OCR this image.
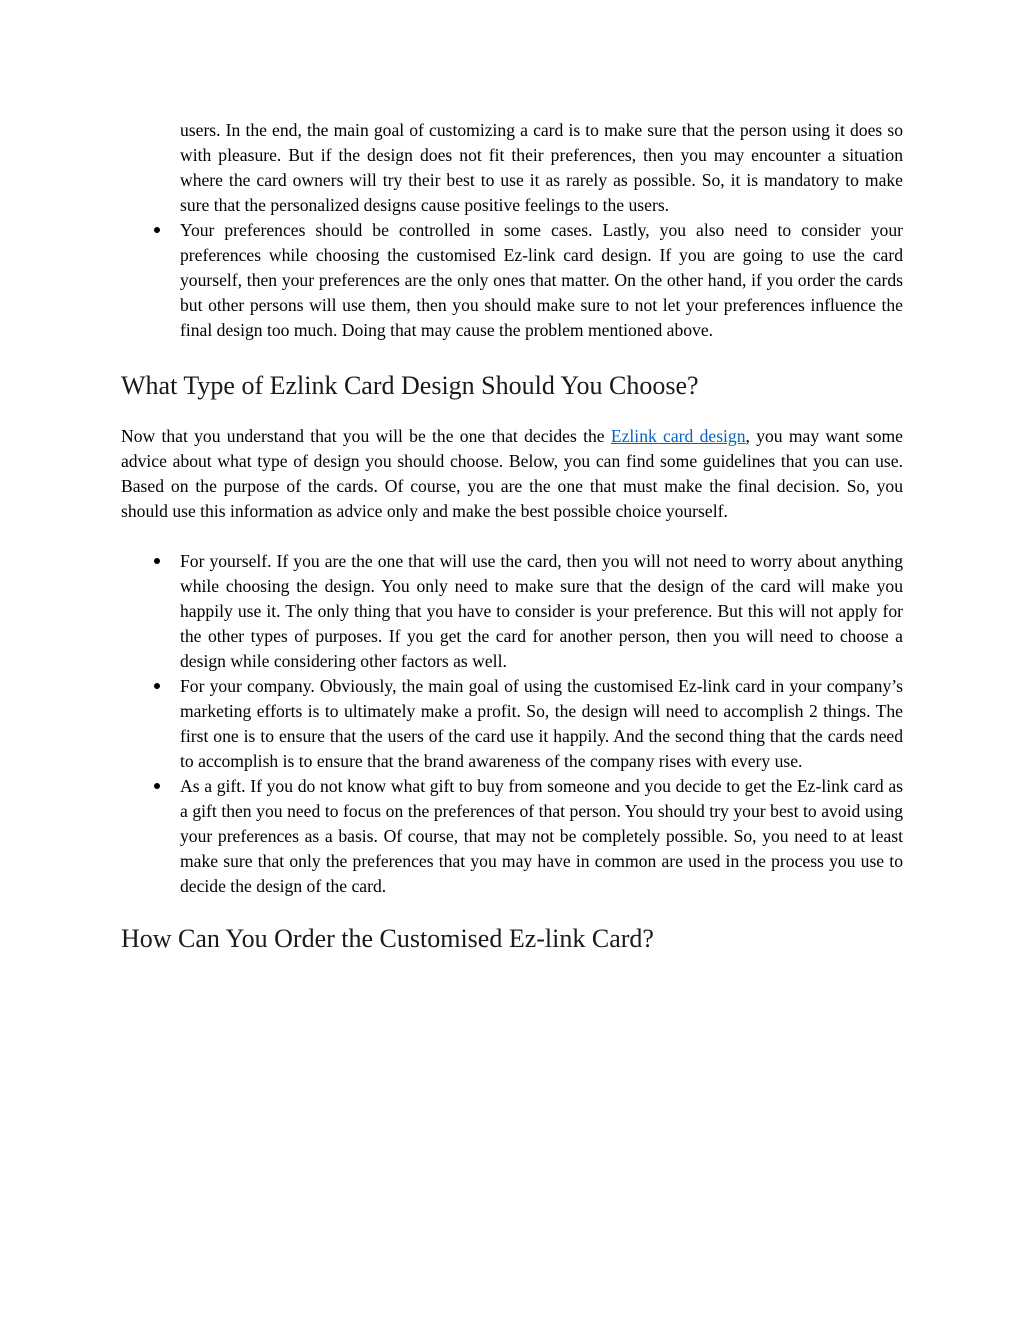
users. In the end, the main goal of customizing a card is to make sure that the person using it does so with pleasure. But if the design does not fit their preferences, then you may encounter a situation where the card owners will try their best to use it as rarely as possible. So, it is mandatory to make sure that the personalized designs cause positive feelings to the users.

Your preferences should be controlled in some cases. Lastly, you also need to consider your preferences while choosing the customised Ez-link card design. If you are going to use the card yourself, then your preferences are the only ones that matter. On the other hand, if you order the cards but other persons will use them, then you should make sure to not let your preferences influence the final design too much. Doing that may cause the problem mentioned above.
What Type of Ezlink Card Design Should You Choose?

Now that you understand that you will be the one that decides the Ezlink card design, you may want some advice about what type of design you should choose. Below, you can find some guidelines that you can use. Based on the purpose of the cards. Of course, you are the one that must make the final decision. So, you should use this information as advice only and make the best possible choice yourself.

For yourself. If you are the one that will use the card, then you will not need to worry about anything while choosing the design. You only need to make sure that the design of the card will make you happily use it. The only thing that you have to consider is your preference. But this will not apply for the other types of purposes. If you get the card for another person, then you will need to choose a design while considering other factors as well.
For your company. Obviously, the main goal of using the customised Ez-link card in your company’s marketing efforts is to ultimately make a profit. So, the design will need to accomplish 2 things. The first one is to ensure that the users of the card use it happily. And the second thing that the cards need to accomplish is to ensure that the brand awareness of the company rises with every use.
As a gift. If you do not know what gift to buy from someone and you decide to get the Ez-link card as a gift then you need to focus on the preferences of that person. You should try your best to avoid using your preferences as a basis. Of course, that may not be completely possible. So, you need to at least make sure that only the preferences that you may have in common are used in the process you use to decide the design of the card.
How Can You Order the Customised Ez-link Card?
